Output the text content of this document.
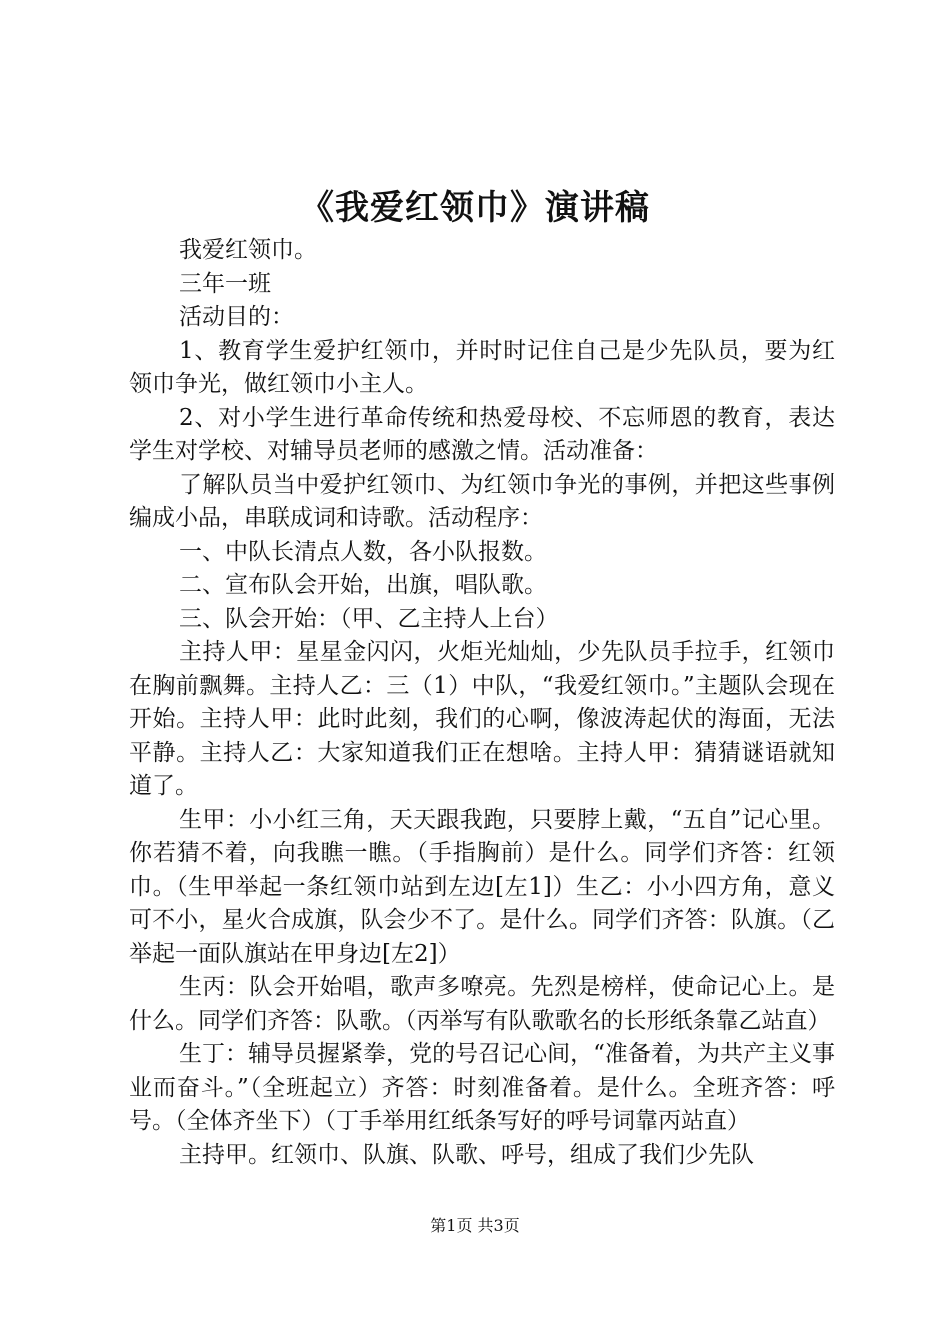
《我爱红领巾》演讲稿

我爱红领巾。

三年一班

活动目的：

1、教育学生爱护红领巾，并时时记住自己是少先队员，要为红领巾争光，做红领巾小主人。

2、对小学生进行革命传统和热爱母校、不忘师恩的教育，表达学生对学校、对辅导员老师的感激之情。活动准备：

了解队员当中爱护红领巾、为红领巾争光的事例，并把这些事例编成小品，串联成词和诗歌。活动程序：

一、中队长清点人数，各小队报数。

二、宣布队会开始，出旗，唱队歌。

三、队会开始：（甲、乙主持人上台）

主持人甲：星星金闪闪，火炬光灿灿，少先队员手拉手，红领巾在胸前飘舞。主持人乙：三（1）中队，“我爱红领巾。”主题队会现在开始。主持人甲：此时此刻，我们的心啊，像波涛起伏的海面，无法平静。主持人乙：大家知道我们正在想啥。主持人甲：猜猜谜语就知道了。

生甲：小小红三角，天天跟我跑，只要脖上戴，“五自”记心里。你若猜不着，向我瞧一瞧。（手指胸前）是什么。同学们齐答：红领巾。（生甲举起一条红领巾站到左边[左1]）生乙：小小四方角，意义可不小，星火合成旗，队会少不了。是什么。同学们齐答：队旗。（乙举起一面队旗站在甲身边[左2]）

生丙：队会开始唱，歌声多嘹亮。先烈是榜样，使命记心上。是什么。同学们齐答：队歌。（丙举写有队歌歌名的长形纸条靠乙站直）

生丁：辅导员握紧拳，党的号召记心间，“准备着，为共产主义事业而奋斗。”（全班起立）齐答：时刻准备着。是什么。全班齐答：呼号。（全体齐坐下）（丁手举用红纸条写好的呼号词靠丙站直）

主持甲。红领巾、队旗、队歌、呼号，组成了我们少先队

第1页 共3页
